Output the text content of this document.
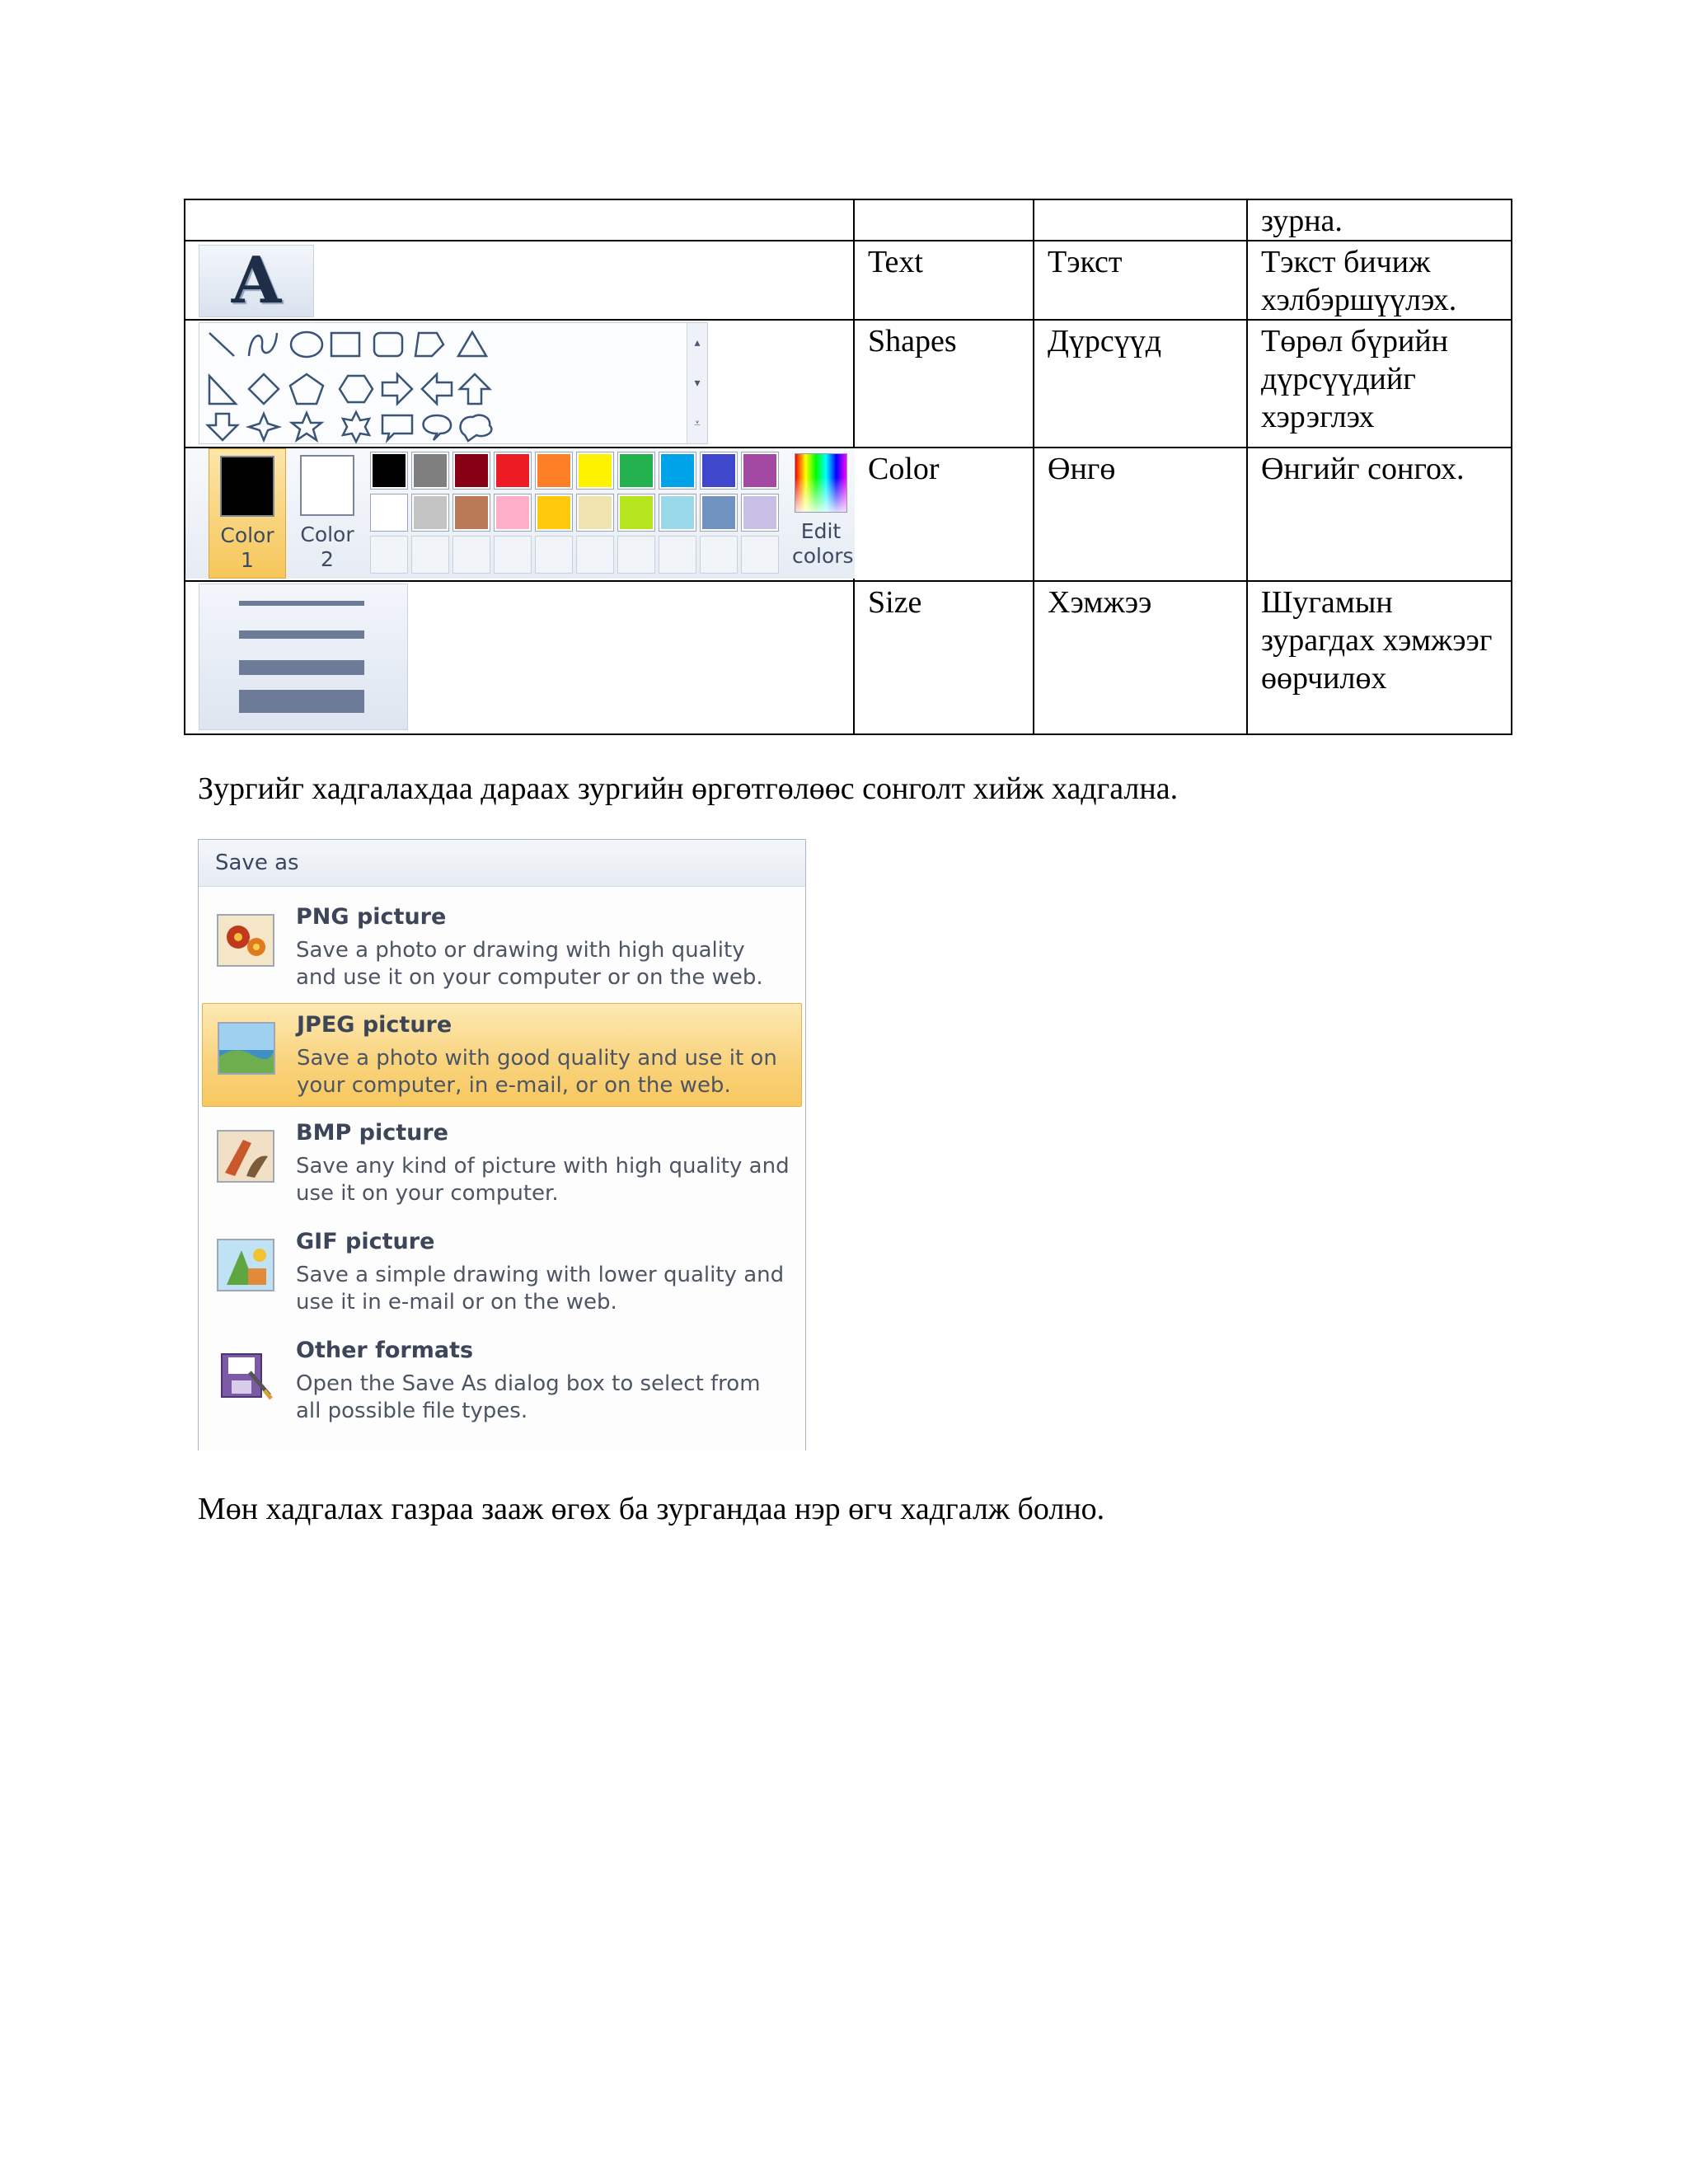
			зурна.

A	Text	Тэкст	Тэкст бичиж хэлбэршүүлэх.

▴
▾
⩡	Shapes	Дүрсүүд	Төрөл бүрийн дүрсүүдийг хэрэглэх

Color 1
Color 2
Edit colors	Color	Өнгө	Өнгийг сонгох.

	Size	Хэмжээ	Шугамын зурагдах хэмжээг өөрчилөх

Зургийг хадгалахдаа дараах зургийн өргөтгөлөөс сонголт хийж хадгална.

Save as
PNG picture
Save a photo or drawing with high quality and use it on your computer or on the web.
JPEG picture
Save a photo with good quality and use it on your computer, in e-mail, or on the web.
BMP picture
Save any kind of picture with high quality and use it on your computer.
GIF picture
Save a simple drawing with lower quality and use it in e-mail or on the web.
Other formats
Open the Save As dialog box to select from all possible file types.

Мөн хадгалах газраа зааж өгөх ба зургандаа нэр өгч хадгалж болно.
